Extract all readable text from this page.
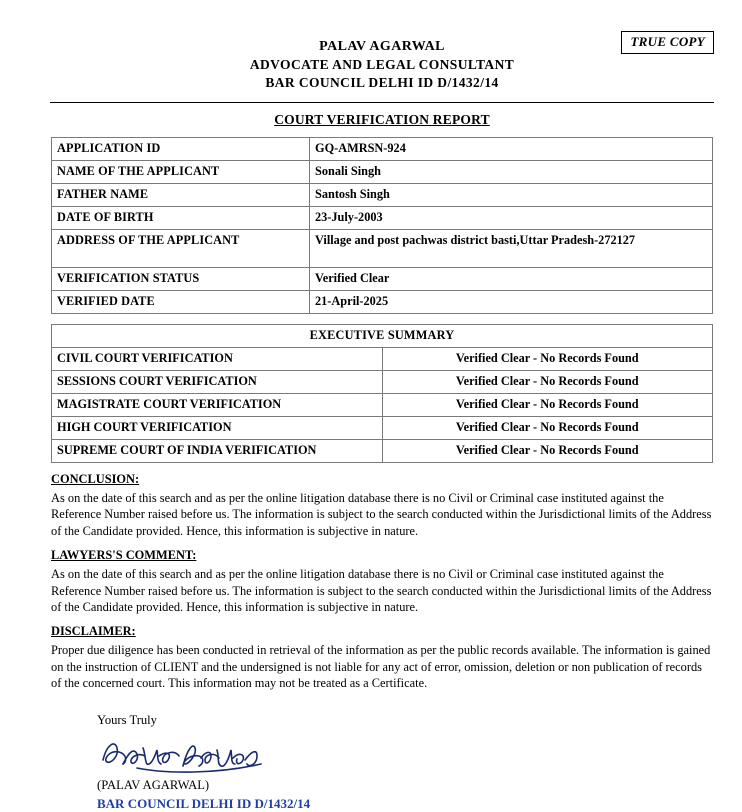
TRUE COPY
PALAV AGARWAL
ADVOCATE AND LEGAL CONSULTANT
BAR COUNCIL DELHI ID D/1432/14
COURT VERIFICATION REPORT
APPLICATION ID	GQ-AMRSN-924
NAME OF THE APPLICANT	Sonali Singh
FATHER NAME	Santosh Singh
DATE OF BIRTH	23-July-2003
ADDRESS OF THE APPLICANT	Village and post pachwas district basti,Uttar Pradesh-272127
VERIFICATION STATUS	Verified Clear
VERIFIED DATE	21-April-2025
EXECUTIVE SUMMARY	
CIVIL COURT VERIFICATION	Verified Clear - No Records Found
SESSIONS COURT VERIFICATION	Verified Clear - No Records Found
MAGISTRATE COURT VERIFICATION	Verified Clear - No Records Found
HIGH COURT VERIFICATION	Verified Clear - No Records Found
SUPREME COURT OF INDIA VERIFICATION	Verified Clear - No Records Found
CONCLUSION:
As on the date of this search and as per the online litigation database there is no Civil or Criminal case instituted against the Reference Number raised before us. The information is subject to the search conducted within the Jurisdictional limits of the Address of the Candidate provided. Hence, this information is subjective in nature.
LAWYERS'S COMMENT:
As on the date of this search and as per the online litigation database there is no Civil or Criminal case instituted against the Reference Number raised before us. The information is subject to the search conducted within the Jurisdictional limits of the Address of the Candidate provided. Hence, this information is subjective in nature.
DISCLAIMER:
Proper due diligence has been conducted in retrieval of the information as per the public records available. The information is gained on the instruction of CLIENT and the undersigned is not liable for any act of error, omission, deletion or non publication of records of the concerned court. This information may not be treated as a Certificate.
Yours Truly
(PALAV AGARWAL)
BAR COUNCIL DELHI ID D/1432/14
